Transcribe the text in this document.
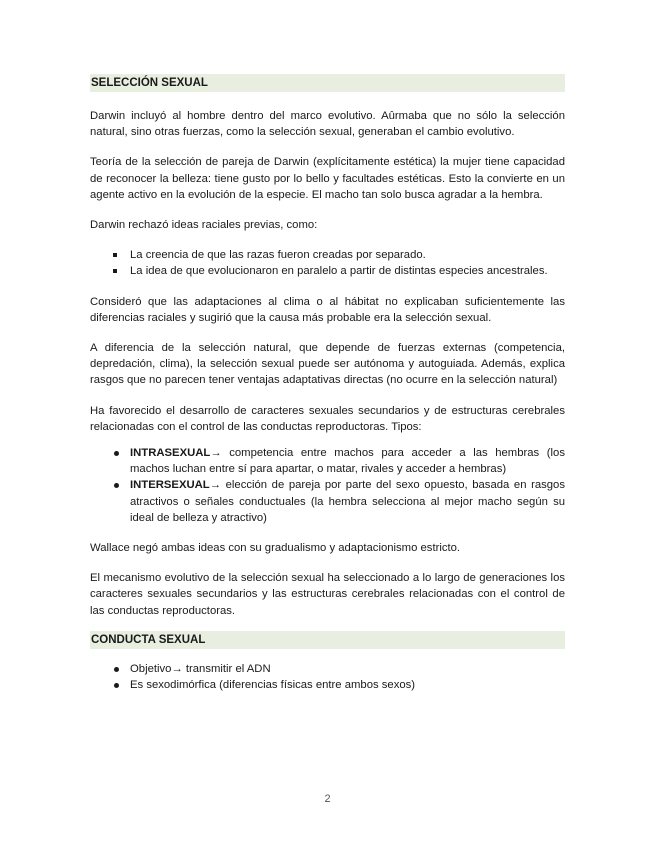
SELECCIÓN SEXUAL

Darwin incluyó al hombre dentro del marco evolutivo. Aûrmaba que no sólo la selección natural, sino otras fuerzas, como la selección sexual, generaban el cambio evolutivo.

Teoría de la selección de pareja de Darwin (explícitamente estética) la mujer tiene capacidad de reconocer la belleza: tiene gusto por lo bello y facultades estéticas. Esto la convierte en un agente activo en la evolución de la especie. El macho tan solo busca agradar a la hembra.

Darwin rechazó ideas raciales previas, como:

La creencia de que las razas fueron creadas por separado.
La idea de que evolucionaron en paralelo a partir de distintas especies ancestrales.

Consideró que las adaptaciones al clima o al hábitat no explicaban suficientemente las diferencias raciales y sugirió que la causa más probable era la selección sexual.

A diferencia de la selección natural, que depende de fuerzas externas (competencia, depredación, clima), la selección sexual puede ser autónoma y autoguiada. Además, explica rasgos que no parecen tener ventajas adaptativas directas (no ocurre en la selección natural)

Ha favorecido el desarrollo de caracteres sexuales secundarios y de estructuras cerebrales relacionadas con el control de las conductas reproductoras. Tipos:

INTRASEXUAL→ competencia entre machos para acceder a las hembras (los machos luchan entre sí para apartar, o matar, rivales y acceder a hembras)
INTERSEXUAL→ elección de pareja por parte del sexo opuesto, basada en rasgos atractivos o señales conductuales (la hembra selecciona al mejor macho según su ideal de belleza y atractivo)

Wallace negó ambas ideas con su gradualismo y adaptacionismo estricto.

El mecanismo evolutivo de la selección sexual ha seleccionado a lo largo de generaciones los caracteres sexuales secundarios y las estructuras cerebrales relacionadas con el control de las conductas reproductoras.

CONDUCTA SEXUAL
Objetivo→ transmitir el ADN
Es sexodimórfica (diferencias físicas entre ambos sexos)
2
